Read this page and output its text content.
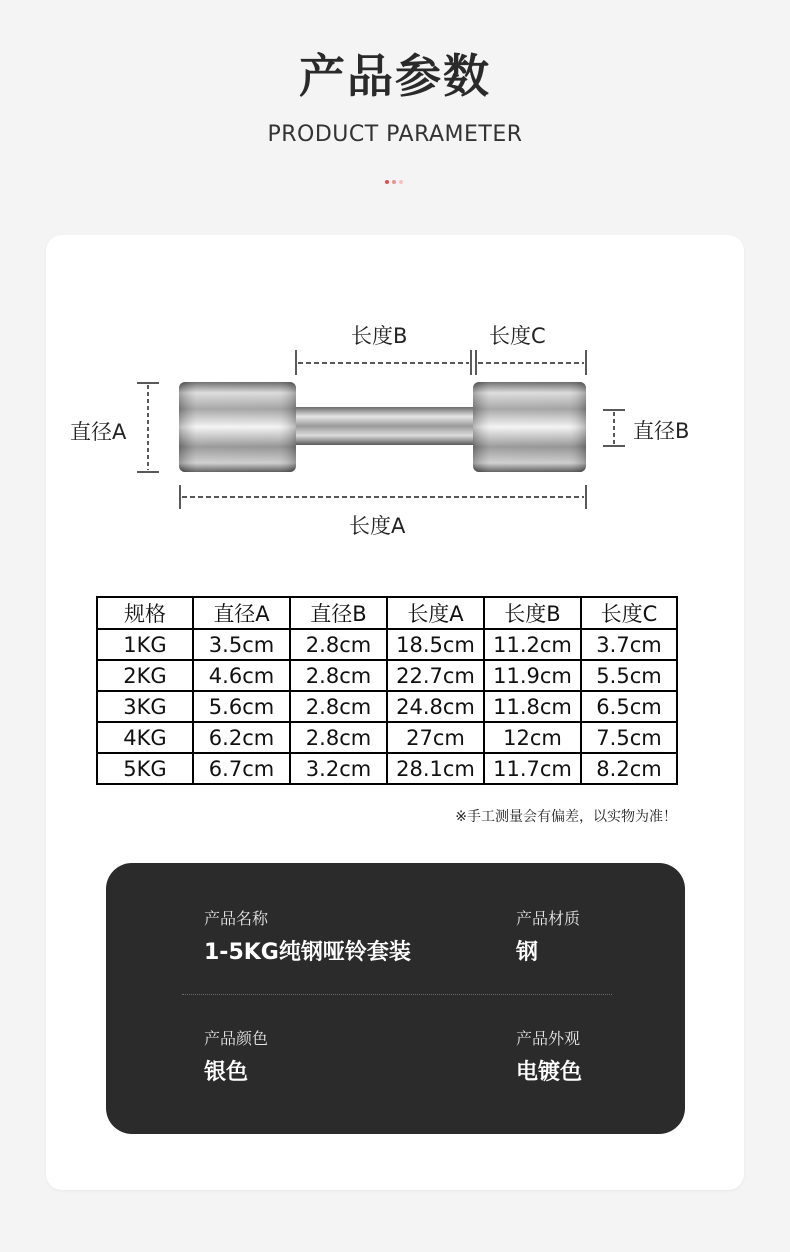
产品参数
PRODUCT PARAMETER
直径A	直径B
长度A
长度B	长度C
规格	直径A	直径B	长度A	长度B	长度C
1KG	3.5cm	2.8cm	18.5cm	11.2cm	3.7cm
2KG	4.6cm	2.8cm	22.7cm	11.9cm	5.5cm
3KG	5.6cm	2.8cm	24.8cm	11.8cm	6.5cm
4KG	6.2cm	2.8cm	27cm	12cm	7.5cm
5KG	6.7cm	3.2cm	28.1cm	11.7cm	8.2cm
※手工测量会有偏差，以实物为准！
产品名称
1-5KG纯钢哑铃套装
产品材质
钢
产品颜色
银色
产品外观
电镀色
